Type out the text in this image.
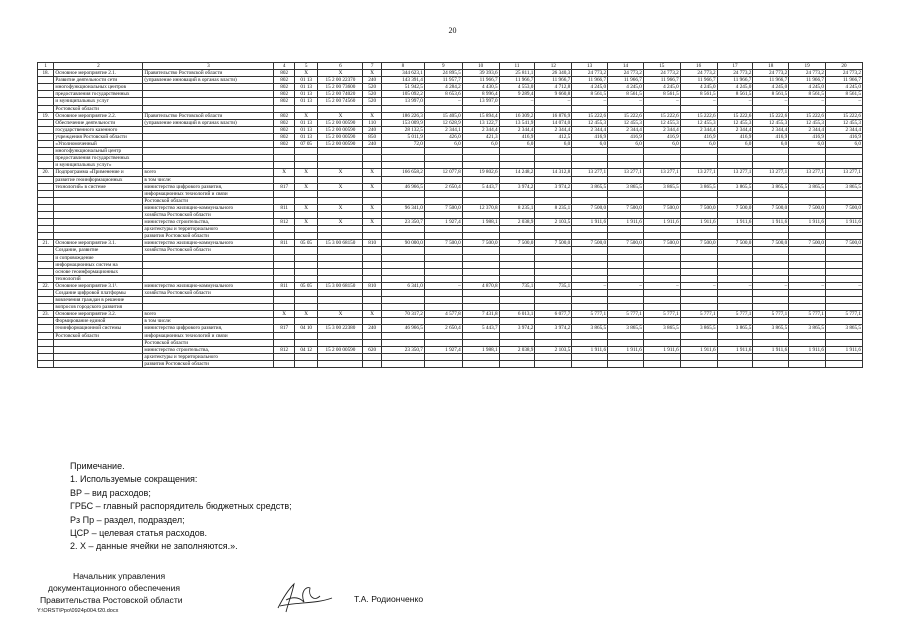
20
1	2	3	4	5	6	7	8	9	10	11	12	13	14	15	16	17	18	19	20
18.	Основное мероприятие 2.1.	Правительство Ростовской области	802	Х	Х	Х	344 623,1	24 895,5	39 393,6	25 811,1	26 340,3	24 773,2	24 773,2	24 773,2	24 773,2	24 773,2	24 773,2	24 773,2	24 773,2
	Развитие деятельности сети	(управление инноваций в органах власти)	802	01 13	15 2 00 22370	240	143 391,4	11 957,7	11 966,7	11 966,7	11 966,7	11 966,7	11 966,7	11 966,7	11 966,7	11 966,7	11 966,7	11 966,7	11 966,7
	многофункциональных центров		802	01 13	15 2 00 73600	520	51 942,5	4 284,2	4 430,5	4 553,0	4 712,8	4 245,0	4 245,0	4 245,0	4 245,0	4 245,0	4 245,0	4 245,0	4 245,0
	предоставления государственных		802	01 13	15 2 00 74020	520	105 092,2	8 653,6	8 996,4	9 289,4	9 660,8	8 561,5	8 561,5	8 561,5	8 561,5	8 561,5	8 561,5	8 561,5	8 561,5
	и муниципальных услуг		802	01 13	15 2 00 74560	520	13 997,0	–	13 997,0	–	–	–	–	–	–	–	–	–	–
	Ростовской области																		
19.	Основное мероприятие 2.2.	Правительство Ростовской области	802	Х	Х	Х	186 226,3	15 405,0	15 894,4	16 309,2	16 876,9	15 222,6	15 222,6	15 222,6	15 222,6	15 222,6	15 222,6	15 222,6	15 222,6
	Обеспечение деятельности	(управление инноваций в органах власти)	802	01 13	15 2 00 00590	110	153 009,9	12 628,9	13 122,7	13 541,9	14 074,0	12 455,3	12 455,3	12 455,3	12 455,3	12 455,3	12 455,3	12 455,3	12 455,3
	государственного казенного		802	01 13	15 2 00 00590	240	28 132,5	2 344,1	2 344,4	2 344,4	2 344,4	2 344,4	2 344,4	2 344,4	2 344,4	2 344,4	2 344,4	2 344,4	2 344,4
	учреждения Ростовской области		802	01 13	15 2 00 00590	850	5 011,9	426,0	421,3	416,9	412,5	416,9	416,9	416,9	416,9	416,9	416,9	416,9	416,9
	«Уполномоченный		802	07 05	15 2 00 00590	240	72,0	6,0	6,0	6,0	6,0	6,0	6,0	6,0	6,0	6,0	6,0	6,0	6,0
	многофункциональный центр																		
	предоставления государственных																		
	и муниципальных услуг»																		
20.	Подпрограмма «Применение и	всего	Х	Х	Х	Х	166 658,2	12 077,8	19 802,6	14 248,2	14 312,8	13 277,1	13 277,1	13 277,1	13 277,1	13 277,1	13 277,1	13 277,1	13 277,1
	развитие геоинформационных	в том числе:																	
	технологий» в системе	министерство цифрового развития,	817	Х	Х	Х	46 966,5	2 650,4	5 443,7	3 974,2	3 974,2	3 865,5	3 865,5	3 865,5	3 865,5	3 865,5	3 865,5	3 865,5	3 865,5
		информационных технологий и связи																	
		Ростовской области																	
		министерство жилищно-коммунального	811	Х	Х	Х	96 341,0	7 500,0	12 370,8	8 235,1	8 235,1	7 500,0	7 500,0	7 500,0	7 500,0	7 500,0	7 500,0	7 500,0	7 500,0
		хозяйства Ростовской области																	
		министерство строительства,	812	Х	Х	Х	23 350,7	1 927,4	1 988,1	2 038,9	2 103,5	1 911,6	1 911,6	1 911,6	1 911,6	1 911,6	1 911,6	1 911,6	1 911,6
		архитектуры и территориального																	
		развития Ростовской области																	
21.	Основное мероприятие 3.1.	министерство жилищно-коммунального	811	05 05	15 3 00 68150	810	90 000,0	7 500,0	7 500,0	7 500,0	7 500,0	7 500,0	7 500,0	7 500,0	7 500,0	7 500,0	7 500,0	7 500,0	7 500,0
	Создание, развитие	хозяйства Ростовской области																	
	и сопровождение																		
	информационных систем на																		
	основе геоинформационных																		
	технологий																		
22.	Основное мероприятие 3.1¹.	министерство жилищно-коммунального	811	05 05	15 3 00 68150	810	6 341,0	–	4 870,8	735,1	735,1	–	–	–	–	–	–	–	–
	Создание цифровой платформы	хозяйства Ростовской области																	
	вовлечения граждан в решение																		
	вопросов городского развития																		
23.	Основное мероприятие 3.2.	всего	Х	Х	Х	Х	70 317,2	4 577,8	7 431,8	6 013,1	6 077,7	5 777,1	5 777,1	5 777,1	5 777,1	5 777,1	5 777,1	5 777,1	5 777,1
	Формирование единой	в том числе:																	
	геоинформационной системы	министерство цифрового развития,	817	04 10	15 3 00 22380	240	46 966,5	2 650,4	5 443,7	3 974,2	3 974,2	3 865,5	3 865,5	3 865,5	3 865,5	3 865,5	3 865,5	3 865,5	3 865,5
	Ростовской области	информационных технологий и связи																	
		Ростовской области																	
		министерство строительства,	812	04 12	15 2 00 00590	620	23 350,7	1 927,4	1 988,1	2 038,9	2 103,5	1 911,6	1 911,6	1 911,6	1 911,6	1 911,6	1 911,6	1 911,6	1 911,6
		архитектуры и территориального																	
		развития Ростовской области																	
Примечание.
1. Используемые сокращения:
ВР – вид расходов;
ГРБС – главный распорядитель бюджетных средств;
Рз Пр – раздел, подраздел;
ЦСР – целевая статья расходов.
2. Х – данные ячейки не заполняются.».
Начальник управления
документационного обеспечения
Правительства Ростовской области	Т.А. Родионченко
Y:\ORST\Ppo\0924p004.f20.docx
